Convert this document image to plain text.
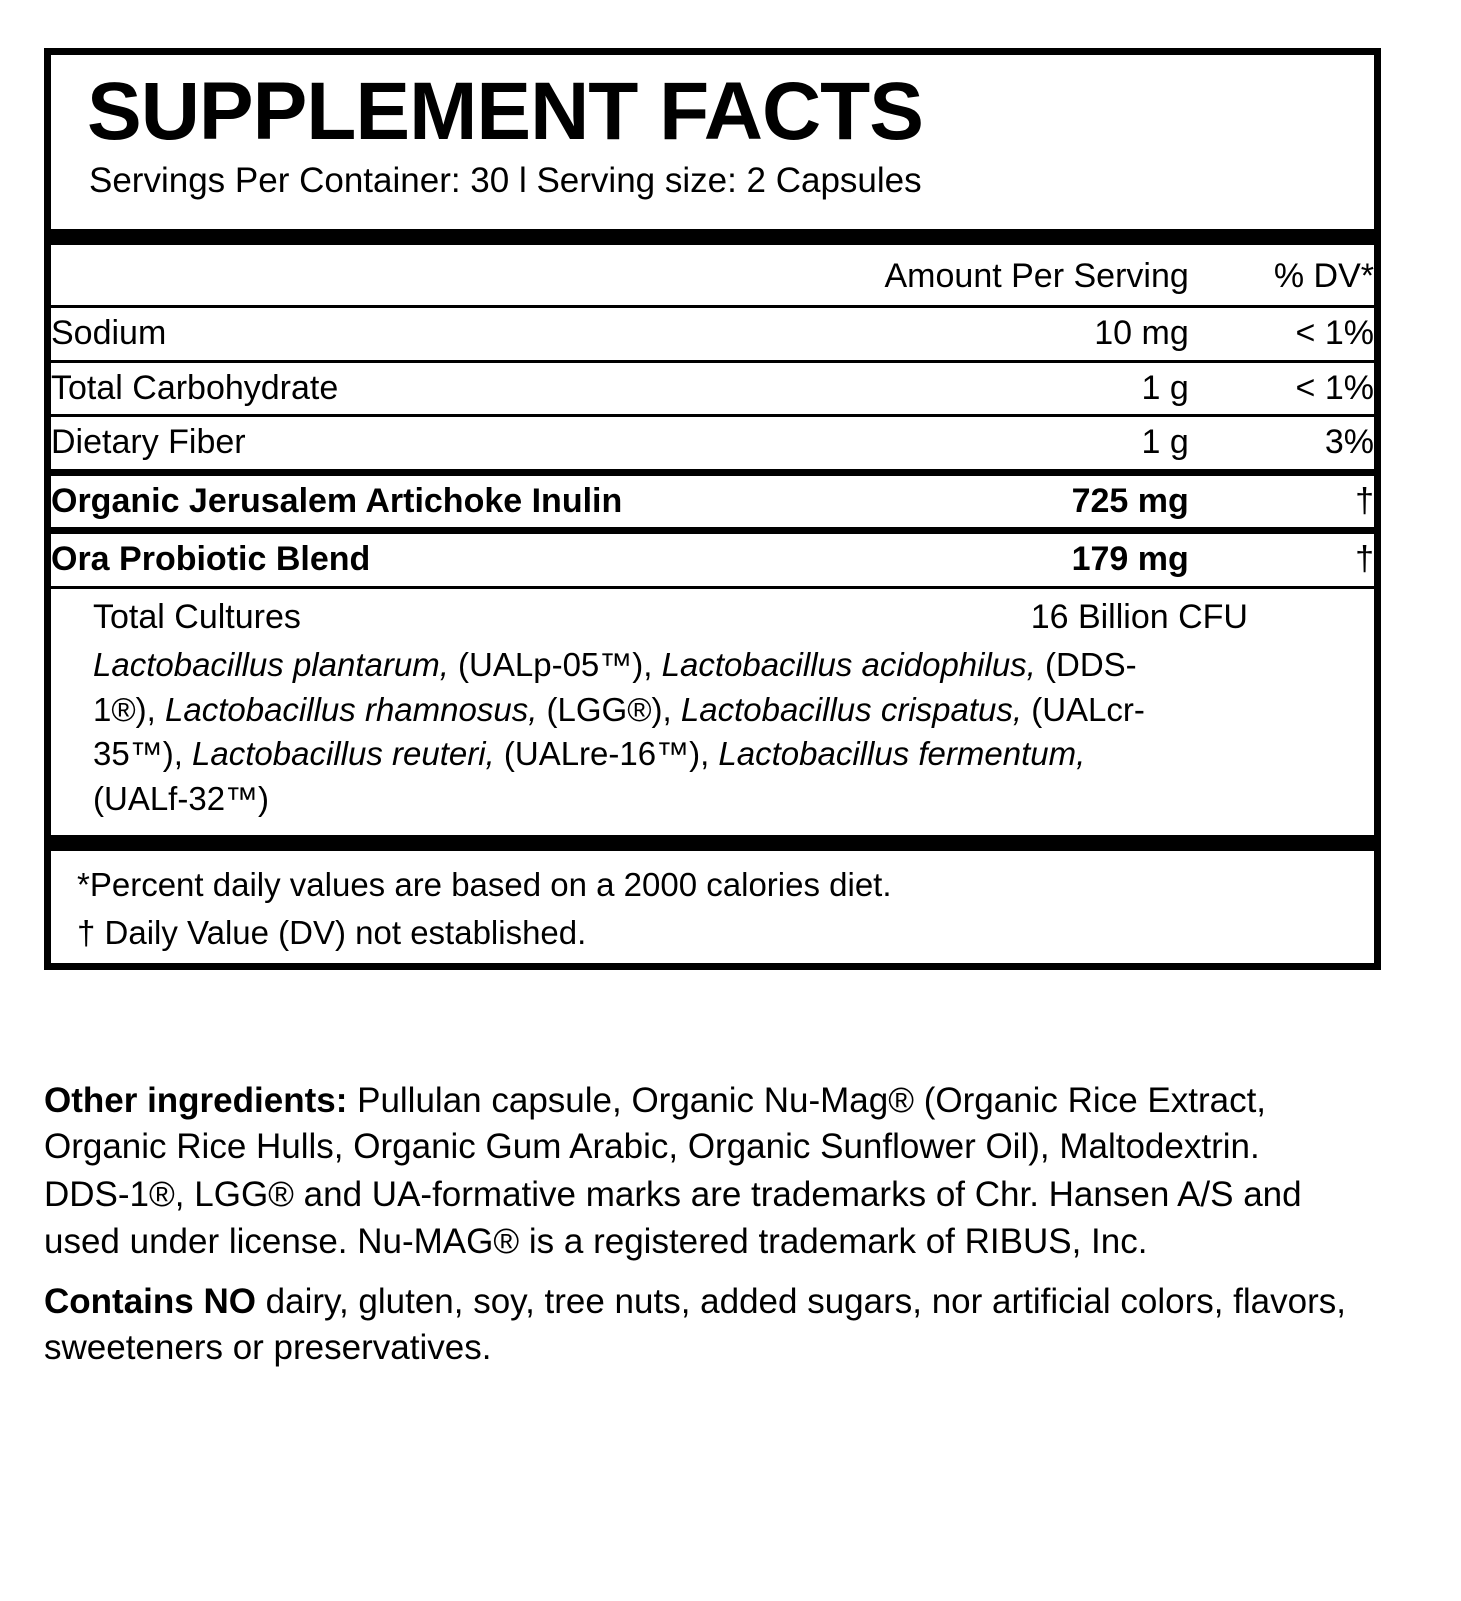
SUPPLEMENT FACTS
Servings Per Container: 30 l Serving size: 2 Capsules
	Amount Per Serving	% DV*
Sodium	10 mg	< 1%
Total Carbohydrate	1 g	< 1%
Dietary Fiber	1 g	3%
Organic Jerusalem Artichoke Inulin	725 mg	†
Ora Probiotic Blend	179 mg	†
Total Cultures	16 Billion CFU
Lactobacillus plantarum, (UALp-05™), Lactobacillus acidophilus, (DDS-1®), Lactobacillus rhamnosus, (LGG®), Lactobacillus crispatus, (UALcr-35™), Lactobacillus reuteri, (UALre-16™), Lactobacillus fermentum, (UALf-32™)
*Percent daily values are based on a 2000 calories diet.
† Daily Value (DV) not established.

Other ingredients: Pullulan capsule, Organic Nu-Mag® (Organic Rice Extract, Organic Rice Hulls, Organic Gum Arabic, Organic Sunflower Oil), Maltodextrin.

DDS-1®, LGG® and UA-formative marks are trademarks of Chr. Hansen A/S and used under license. Nu-MAG® is a registered trademark of RIBUS, Inc.

Contains NO dairy, gluten, soy, tree nuts, added sugars, nor artificial colors, flavors, sweeteners or preservatives.
